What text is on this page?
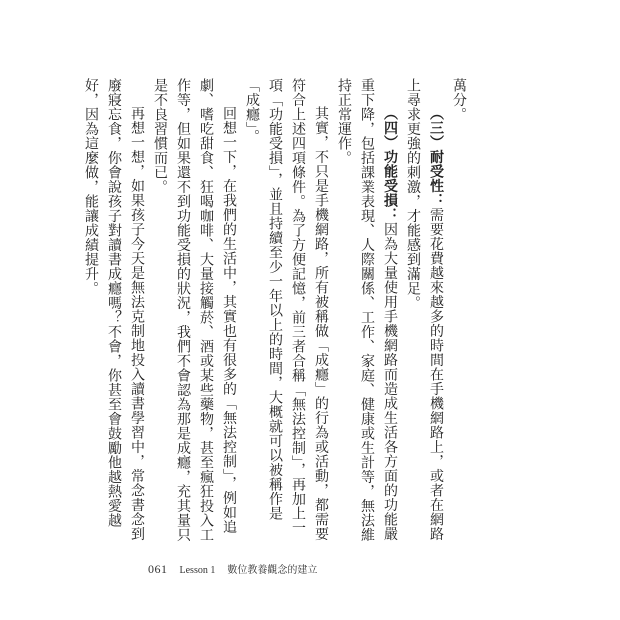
萬分。

（三）耐受性：需要花費越來越多的時間在手機網路上，或者在網路上尋求更強的刺激，才能感到滿足。

（四）功能受損：因為大量使用手機網路而造成生活各方面的功能嚴重下降，包括課業表現、人際關係、工作、家庭、健康或生計等，無法維持正常運作。

其實，不只是手機網路，所有被稱做「成癮」的行為或活動，都需要符合上述四項條件。為了方便記憶，前三者合稱「無法控制」，再加上一項「功能受損」，並且持續至少一年以上的時間，大概就可以被稱作是「成癮」。

回想一下，在我們的生活中，其實也有很多的「無法控制」，例如追劇、嗜吃甜食、狂喝咖啡、大量接觸菸、酒或某些藥物，甚至瘋狂投入工作等，但如果還不到功能受損的狀況，我們不會認為那是成癮，充其量只是不良習慣而已。

再想一想，如果孩子今天是無法克制地投入讀書學習中，常念書念到廢寢忘食，你會說孩子對讀書成癮嗎？不會，你甚至會鼓勵他越熱愛越好，因為這麼做，能讓成績提升。

061 Lesson 1 數位教養觀念的建立
